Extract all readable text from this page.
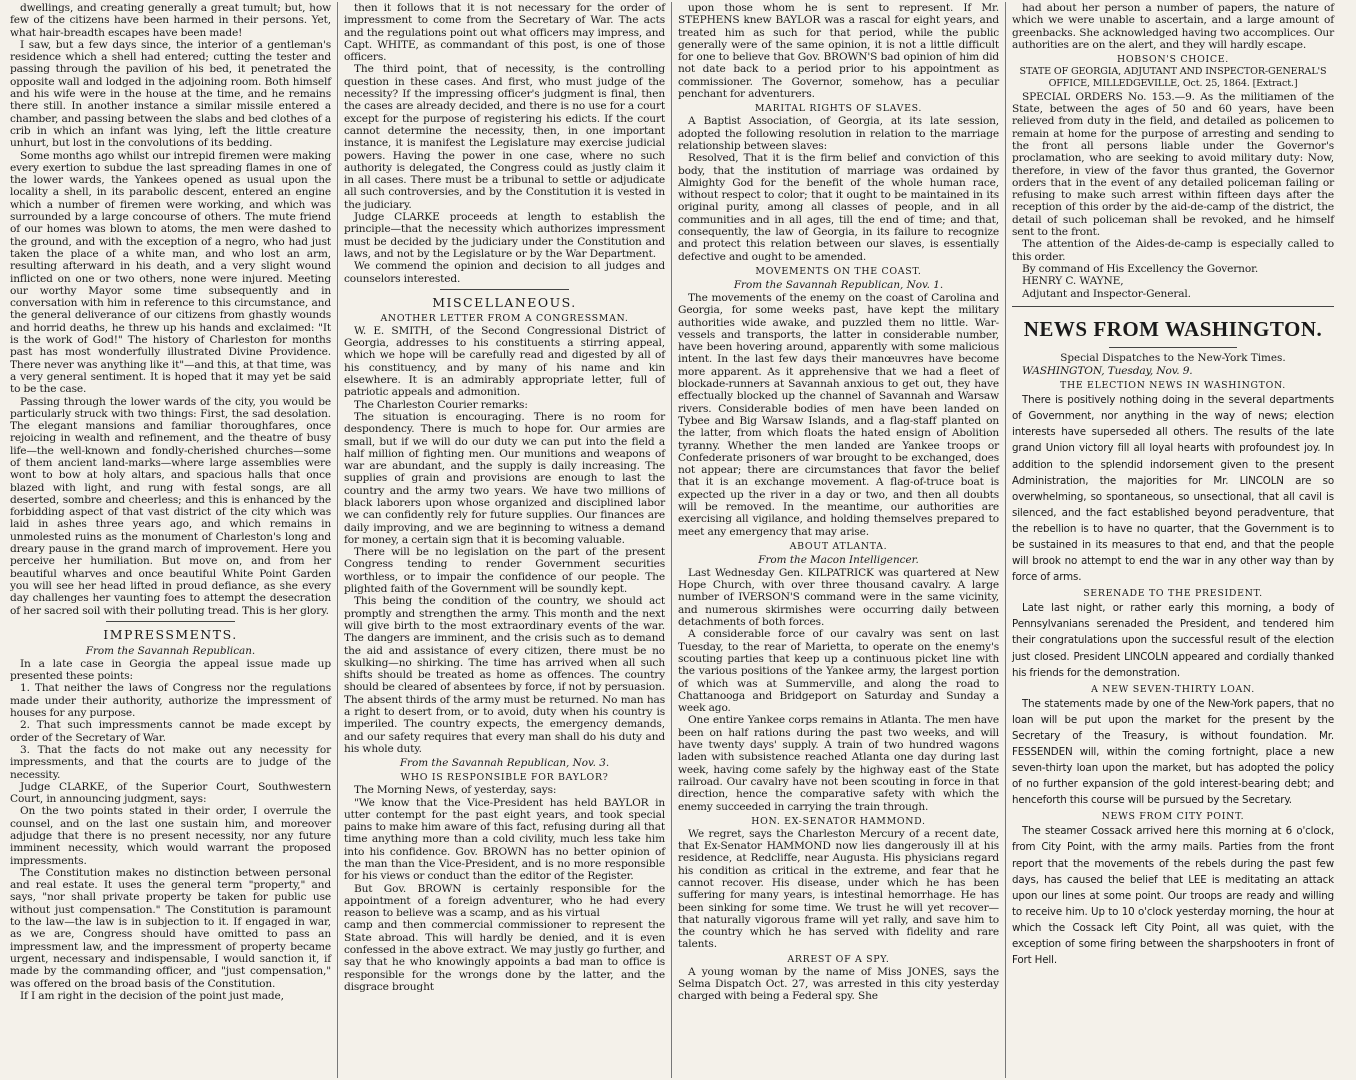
dwellings, and creating generally a great tumult; but, how few of the citizens have been harmed in their persons. Yet, what hair-breadth escapes have been made!

I saw, but a few days since, the interior of a gentleman's residence which a shell had entered; cutting the tester and passing through the pavilion of his bed, it penetrated the opposite wall and lodged in the adjoining room. Both himself and his wife were in the house at the time, and he remains there still. In another instance a similar missile entered a chamber, and passing between the slabs and bed clothes of a crib in which an infant was lying, left the little creature unhurt, but lost in the convolutions of its bedding.

Some months ago whilst our intrepid firemen were making every exertion to subdue the last spreading flames in one of the lower wards, the Yankees opened as usual upon the locality a shell, in its parabolic descent, entered an engine which a number of firemen were working, and which was surrounded by a large concourse of others. The mute friend of our homes was blown to atoms, the men were dashed to the ground, and with the exception of a negro, who had just taken the place of a white man, and who lost an arm, resulting afterward in his death, and a very slight wound inflicted on one or two others, none were injured. Meeting our worthy Mayor some time subsequently and in conversation with him in reference to this circumstance, and the general deliverance of our citizens from ghastly wounds and horrid deaths, he threw up his hands and exclaimed: "It is the work of God!" The history of Charleston for months past has most wonderfully illustrated Divine Providence. There never was anything like it"—and this, at that time, was a very general sentiment. It is hoped that it may yet be said to be the case.

Passing through the lower wards of the city, you would be particularly struck with two things: First, the sad desolation. The elegant mansions and familiar thoroughfares, once rejoicing in wealth and refinement, and the theatre of busy life—the well-known and fondly-cherished churches—some of them ancient land-marks—where large assemblies were wont to bow at holy altars, and spacious halls that once blazed with light, and rung with festal songs, are all deserted, sombre and cheerless; and this is enhanced by the forbidding aspect of that vast district of the city which was laid in ashes three years ago, and which remains in unmolested ruins as the monument of Charleston's long and dreary pause in the grand march of improvement. Here you perceive her humiliation. But move on, and from her beautiful wharves and once beautiful White Point Garden you will see her head lifted in proud defiance, as she every day challenges her vaunting foes to attempt the desecration of her sacred soil with their polluting tread. This is her glory.

IMPRESSMENTS.
From the Savannah Republican.

In a late case in Georgia the appeal issue made up presented these points:

1. That neither the laws of Congress nor the regulations made under their authority, authorize the impressment of houses for any purpose.

2. That such impressments cannot be made except by order of the Secretary of War.

3. That the facts do not make out any necessity for impressments, and that the courts are to judge of the necessity.

Judge CLARKE, of the Superior Court, Southwestern Court, in announcing judgment, says:

On the two points stated in their order, I overrule the counsel, and on the last one sustain him, and moreover adjudge that there is no present necessity, nor any future imminent necessity, which would warrant the proposed impressments.

The Constitution makes no distinction between personal and real estate. It uses the general term "property," and says, "nor shall private property be taken for public use without just compensation." The Constitution is paramount to the law—the law is in subjection to it. If engaged in war, as we are, Congress should have omitted to pass an impressment law, and the impressment of property became urgent, necessary and indispensable, I would sanction it, if made by the commanding officer, and "just compensation," was offered on the broad basis of the Constitution.

If I am right in the decision of the point just made,

then it follows that it is not necessary for the order of impressment to come from the Secretary of War. The acts and the regulations point out what officers may impress, and Capt. WHITE, as commandant of this post, is one of those officers.

The third point, that of necessity, is the controlling question in these cases. And first, who must judge of the necessity? If the impressing officer's judgment is final, then the cases are already decided, and there is no use for a court except for the purpose of registering his edicts. If the court cannot determine the necessity, then, in one important instance, it is manifest the Legislature may exercise judicial powers. Having the power in one case, where no such authority is delegated, the Congress could as justly claim it in all cases. There must be a tribunal to settle or adjudicate all such controversies, and by the Constitution it is vested in the judiciary.

Judge CLARKE proceeds at length to establish the principle—that the necessity which authorizes impressment must be decided by the judiciary under the Constitution and laws, and not by the Legislature or by the War Department.

We commend the opinion and decision to all judges and counselors interested.

MISCELLANEOUS.
ANOTHER LETTER FROM A CONGRESSMAN.

W. E. SMITH, of the Second Congressional District of Georgia, addresses to his constituents a stirring appeal, which we hope will be carefully read and digested by all of his constituency, and by many of his name and kin elsewhere. It is an admirably appropriate letter, full of patriotic appeals and admonition.

The Charleston Courier remarks:

The situation is encouraging. There is no room for despondency. There is much to hope for. Our armies are small, but if we will do our duty we can put into the field a half million of fighting men. Our munitions and weapons of war are abundant, and the supply is daily increasing. The supplies of grain and provisions are enough to last the country and the army two years. We have two millions of black laborers upon whose organized and disciplined labor we can confidently rely for future supplies. Our finances are daily improving, and we are beginning to witness a demand for money, a certain sign that it is becoming valuable.

There will be no legislation on the part of the present Congress tending to render Government securities worthless, or to impair the confidence of our people. The plighted faith of the Government will be soundly kept.

This being the condition of the country, we should act promptly and strengthen the army. This month and the next will give birth to the most extraordinary events of the war. The dangers are imminent, and the crisis such as to demand the aid and assistance of every citizen, there must be no skulking—no shirking. The time has arrived when all such shifts should be treated as home as offences. The country should be cleared of absentees by force, if not by persuasion. The absent thirds of the army must be returned. No man has a right to desert from, or to avoid, duty when his country is imperiled. The country expects, the emergency demands, and our safety requires that every man shall do his duty and his whole duty.

From the Savannah Republican, Nov. 3.
WHO IS RESPONSIBLE FOR BAYLOR?

The Morning News, of yesterday, says:

"We know that the Vice-President has held BAYLOR in utter contempt for the past eight years, and took special pains to make him aware of this fact, refusing during all that time anything more than a cold civility, much less take him into his confidence. Gov. BROWN has no better opinion of the man than the Vice-President, and is no more responsible for his views or conduct than the editor of the Register.

But Gov. BROWN is certainly responsible for the appointment of a foreign adventurer, who he had every reason to believe was a scamp, and as his virtual

camp and then commercial commissioner to represent the State abroad. This will hardly be denied, and it is even confessed in the above extract. We may justly go further, and say that he who knowingly appoints a bad man to office is responsible for the wrongs done by the latter, and the disgrace brought

upon those whom he is sent to represent. If Mr. STEPHENS knew BAYLOR was a rascal for eight years, and treated him as such for that period, while the public generally were of the same opinion, it is not a little difficult for one to believe that Gov. BROWN'S bad opinion of him did not date back to a period prior to his appointment as commissioner. The Governor, somehow, has a peculiar penchant for adventurers.

MARITAL RIGHTS OF SLAVES.

A Baptist Association, of Georgia, at its late session, adopted the following resolution in relation to the marriage relationship between slaves:

Resolved, That it is the firm belief and conviction of this body, that the institution of marriage was ordained by Almighty God for the benefit of the whole human race, without respect to color; that it ought to be maintained in its original purity, among all classes of people, and in all communities and in all ages, till the end of time; and that, consequently, the law of Georgia, in its failure to recognize and protect this relation between our slaves, is essentially defective and ought to be amended.

MOVEMENTS ON THE COAST.
From the Savannah Republican, Nov. 1.

The movements of the enemy on the coast of Carolina and Georgia, for some weeks past, have kept the military authorities wide awake, and puzzled them no little. War-vessels and transports, the latter in considerable number, have been hovering around, apparently with some malicious intent. In the last few days their manœuvres have become more apparent. As it apprehensive that we had a fleet of blockade-runners at Savannah anxious to get out, they have effectually blocked up the channel of Savannah and Warsaw rivers. Considerable bodies of men have been landed on Tybee and Big Warsaw Islands, and a flag-staff planted on the latter, from which floats the hated ensign of Abolition tyranny. Whether the men landed are Yankee troops or Confederate prisoners of war brought to be exchanged, does not appear; there are circumstances that favor the belief that it is an exchange movement. A flag-of-truce boat is expected up the river in a day or two, and then all doubts will be removed. In the meantime, our authorities are exercising all vigilance, and holding themselves prepared to meet any emergency that may arise.

ABOUT ATLANTA.
From the Macon Intelligencer.

Last Wednesday Gen. KILPATRICK was quartered at New Hope Church, with over three thousand cavalry. A large number of IVERSON'S command were in the same vicinity, and numerous skirmishes were occurring daily between detachments of both forces.

A considerable force of our cavalry was sent on last Tuesday, to the rear of Marietta, to operate on the enemy's scouting parties that keep up a continuous picket line with the various positions of the Yankee army, the largest portion of which was at Summerville, and along the road to Chattanooga and Bridgeport on Saturday and Sunday a week ago.

One entire Yankee corps remains in Atlanta. The men have been on half rations during the past two weeks, and will have twenty days' supply. A train of two hundred wagons laden with subsistence reached Atlanta one day during last week, having come safely by the highway east of the State railroad. Our cavalry have not been scouting in force in that direction, hence the comparative safety with which the enemy succeeded in carrying the train through.

HON. EX-SENATOR HAMMOND.

We regret, says the Charleston Mercury of a recent date, that Ex-Senator HAMMOND now lies dangerously ill at his residence, at Redcliffe, near Augusta. His physicians regard his condition as critical in the extreme, and fear that he cannot recover. His disease, under which he has been suffering for many years, is intestinal hemorrhage. He has been sinking for some time. We trust he will yet recover—that naturally vigorous frame will yet rally, and save him to the country which he has served with fidelity and rare talents.

ARREST OF A SPY.

A young woman by the name of Miss JONES, says the Selma Dispatch Oct. 27, was arrested in this city yesterday charged with being a Federal spy. She

had about her person a number of papers, the nature of which we were unable to ascertain, and a large amount of greenbacks. She acknowledged having two accomplices. Our authorities are on the alert, and they will hardly escape.

HOBSON'S CHOICE.

STATE OF GEORGIA, ADJUTANT AND INSPECTOR-GENERAL'S OFFICE, MILLEDGEVILLE, Oct. 25, 1864. [Extract.]

SPECIAL ORDERS No. 153.—9. As the militiamen of the State, between the ages of 50 and 60 years, have been relieved from duty in the field, and detailed as policemen to remain at home for the purpose of arresting and sending to the front all persons liable under the Governor's proclamation, who are seeking to avoid military duty: Now, therefore, in view of the favor thus granted, the Governor orders that in the event of any detailed policeman failing or refusing to make such arrest within fifteen days after the reception of this order by the aid-de-camp of the district, the detail of such policeman shall be revoked, and he himself sent to the front.

The attention of the Aides-de-camp is especially called to this order.

By command of His Excellency the Governor.

HENRY C. WAYNE,

Adjutant and Inspector-General.

NEWS FROM WASHINGTON.
Special Dispatches to the New-York Times.

WASHINGTON, Tuesday, Nov. 9.

THE ELECTION NEWS IN WASHINGTON.

There is positively nothing doing in the several departments of Government, nor anything in the way of news; election interests have superseded all others. The results of the late grand Union victory fill all loyal hearts with profoundest joy. In addition to the splendid indorsement given to the present Administration, the majorities for Mr. LINCOLN are so overwhelming, so spontaneous, so unsectional, that all cavil is silenced, and the fact established beyond peradventure, that the rebellion is to have no quarter, that the Government is to be sustained in its measures to that end, and that the people will brook no attempt to end the war in any other way than by force of arms.

SERENADE TO THE PRESIDENT.

Late last night, or rather early this morning, a body of Pennsylvanians serenaded the President, and tendered him their congratulations upon the successful result of the election just closed. President LINCOLN appeared and cordially thanked his friends for the demonstration.

A NEW SEVEN-THIRTY LOAN.

The statements made by one of the New-York papers, that no loan will be put upon the market for the present by the Secretary of the Treasury, is without foundation. Mr. FESSENDEN will, within the coming fortnight, place a new seven-thirty loan upon the market, but has adopted the policy of no further expansion of the gold interest-bearing debt; and henceforth this course will be pursued by the Secretary.

NEWS FROM CITY POINT.

The steamer Cossack arrived here this morning at 6 o'clock, from City Point, with the army mails. Parties from the front report that the movements of the rebels during the past few days, has caused the belief that LEE is meditating an attack upon our lines at some point. Our troops are ready and willing to receive him. Up to 10 o'clock yesterday morning, the hour at which the Cossack left City Point, all was quiet, with the exception of some firing between the sharpshooters in front of Fort Hell.
